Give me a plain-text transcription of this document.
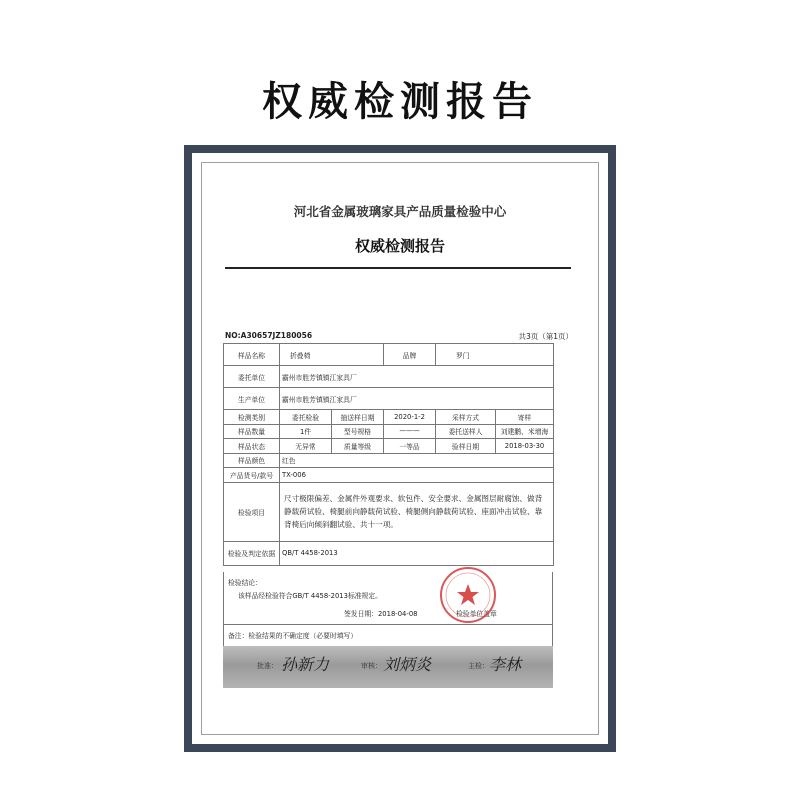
权威检测报告
河北省金属玻璃家具产品质量检验中心
权威检测报告
NO:A30657JZ180056	共3页（第1页）
样品名称	折叠椅		品牌	罗门	
委托单位	霸州市胜芳镇镇江家具厂				
生产单位	霸州市胜芳镇镇江家具厂				
检测类别	委托检验	抽送样日期	2020-1-2	采样方式	寄样
样品数量	1件	型号规格	———	委托送样人	刘建鹏、米增海
样品状态	无异常	质量等级	一等品	验样日期	2018-03-30
样品颜色	红色				
产品货号/款号	TX-006				
检验项目	尺寸极限偏差、金属件外观要求、软包件、安全要求、金属图层耐腐蚀、做背静载荷试验、椅腿前向静载荷试验、椅腿侧向静载荷试验、座面冲击试验、靠背椅后向倾斜翻试验、共十一项。				
检验及判定依据	QB/T 4458-2013				
检验结论：
该样品经检验符合GB/T 4458-2013标准规定。
签发日期：2018-04-08	检验单位盖章
备注：检验结果的不确定度（必要时填写）
批准： 孙新力	审核： 刘炳炎	主检： 李林
